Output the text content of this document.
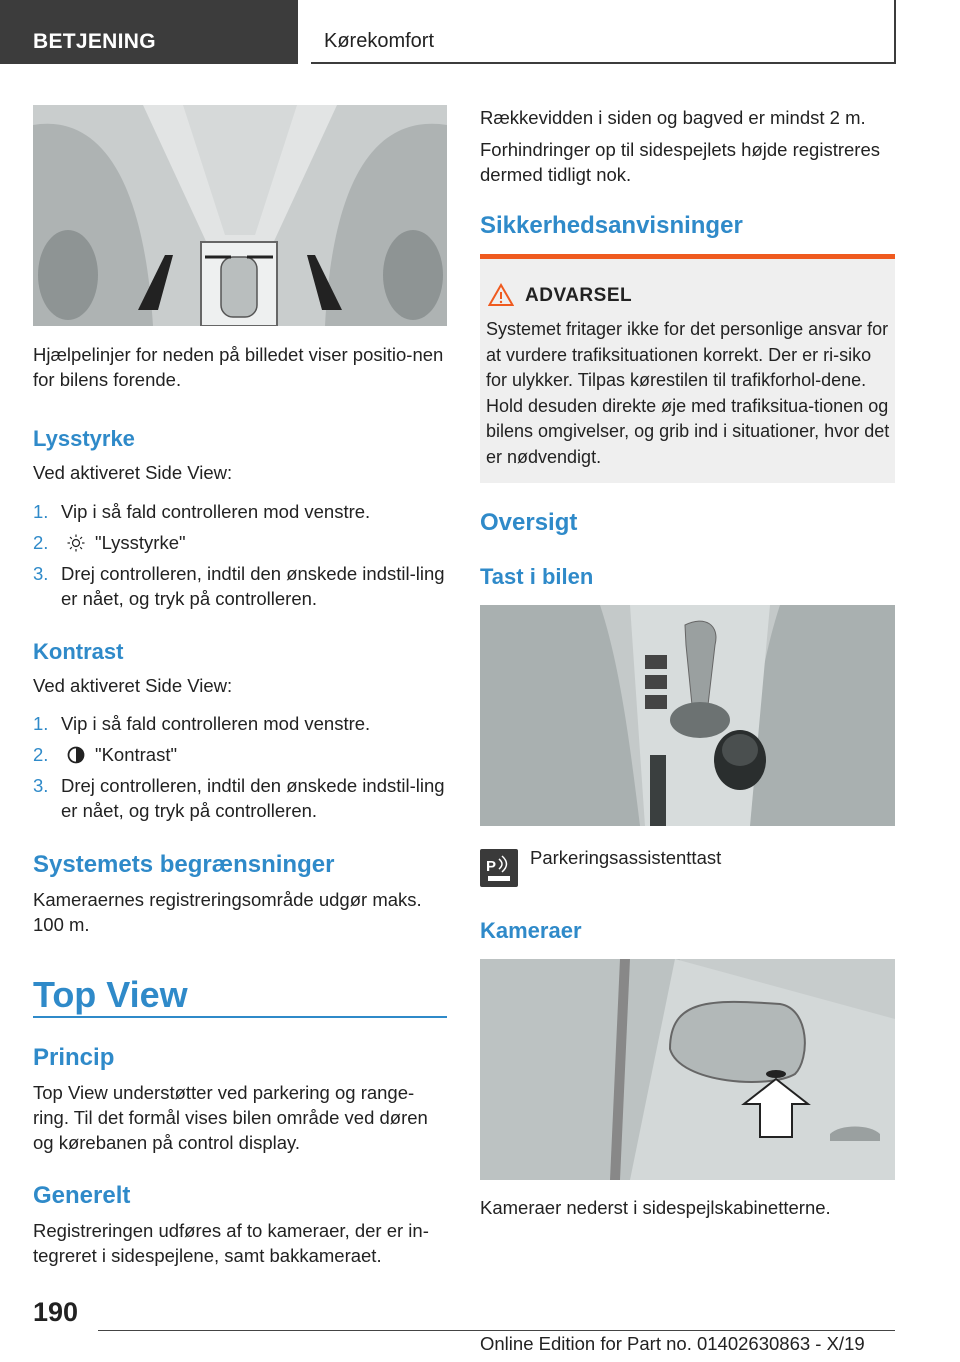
BETJENING	Kørekomfort
Hjælpelinjer for neden på billedet viser positio-nen for bilens forende.
Lysstyrke
Ved aktiveret Side View:
1. Vip i så fald controlleren mod venstre.
2.	"Lysstyrke"
3. Drej controlleren, indtil den ønskede indstil-ling er nået, og tryk på controlleren.
Kontrast
Ved aktiveret Side View:
1. Vip i så fald controlleren mod venstre.
2.	"Kontrast"
3. Drej controlleren, indtil den ønskede indstil-ling er nået, og tryk på controlleren.
Systemets begrænsninger
Kameraernes registreringsområde udgør maks. 100 m.
Top View
Princip
Top View understøtter ved parkering og range-ring. Til det formål vises bilen område ved døren og kørebanen på control display.
Generelt
Registreringen udføres af to kameraer, der er in-tegreret i sidespejlene, samt bakkameraet.
Rækkevidden i siden og bagved er mindst 2 m.
Forhindringer op til sidespejlets højde registreres dermed tidligt nok.
Sikkerhedsanvisninger
ADVARSEL
Systemet fritager ikke for det personlige ansvar for at vurdere trafiksituationen korrekt. Der er ri-siko for ulykker. Tilpas kørestilen til trafikforhol-dene. Hold desuden direkte øje med trafiksitua-tionen og bilens omgivelser, og grib ind i situationer, hvor det er nødvendigt.
Oversigt
Tast i bilen
P Parkeringsassistenttast
Kameraer
Kameraer nederst i sidespejlskabinetterne.
190
Online Edition for Part no. 01402630863 - X/19
